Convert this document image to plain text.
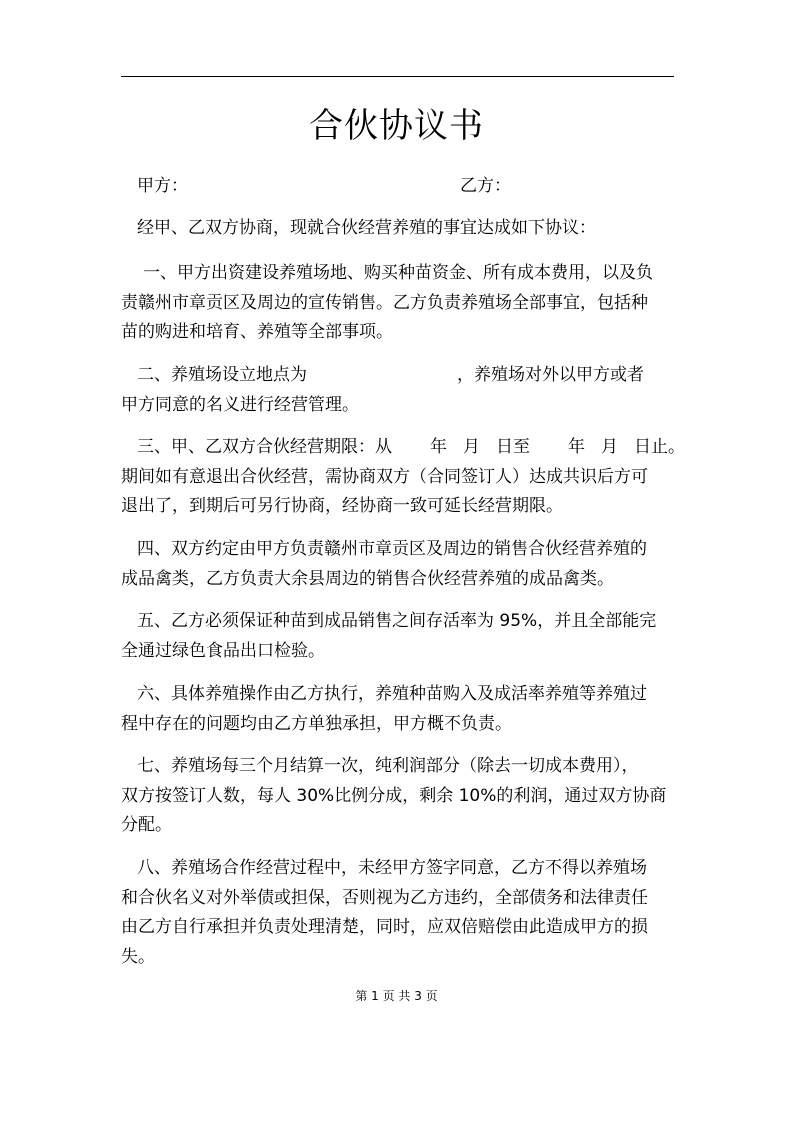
合伙协议书
甲方：	乙方：
经甲、乙双方协商，现就合伙经营养殖的事宜达成如下协议：
一、甲方出资建设养殖场地、购买种苗资金、所有成本费用，以及负
责赣州市章贡区及周边的宣传销售。乙方负责养殖场全部事宜，包括种
苗的购进和培育、养殖等全部事项。
二、养殖场设立地点为	，养殖场对外以甲方或者
甲方同意的名义进行经营管理。
三、甲、乙双方合伙经营期限：从 年 月 日至 年 月 日止。
期间如有意退出合伙经营，需协商双方（合同签订人）达成共识后方可
退出了，到期后可另行协商，经协商一致可延长经营期限。
四、双方约定由甲方负责赣州市章贡区及周边的销售合伙经营养殖的
成品禽类，乙方负责大余县周边的销售合伙经营养殖的成品禽类。
五、乙方必须保证种苗到成品销售之间存活率为 95%，并且全部能完
全通过绿色食品出口检验。
六、具体养殖操作由乙方执行，养殖种苗购入及成活率养殖等养殖过
程中存在的问题均由乙方单独承担，甲方概不负责。
七、养殖场每三个月结算一次，纯利润部分（除去一切成本费用），
双方按签订人数，每人 30%比例分成，剩余 10%的利润，通过双方协商
分配。
八、养殖场合作经营过程中，未经甲方签字同意，乙方不得以养殖场
和合伙名义对外举债或担保，否则视为乙方违约，全部债务和法律责任
由乙方自行承担并负责处理清楚，同时，应双倍赔偿由此造成甲方的损
失。
第 1 页 共 3 页
